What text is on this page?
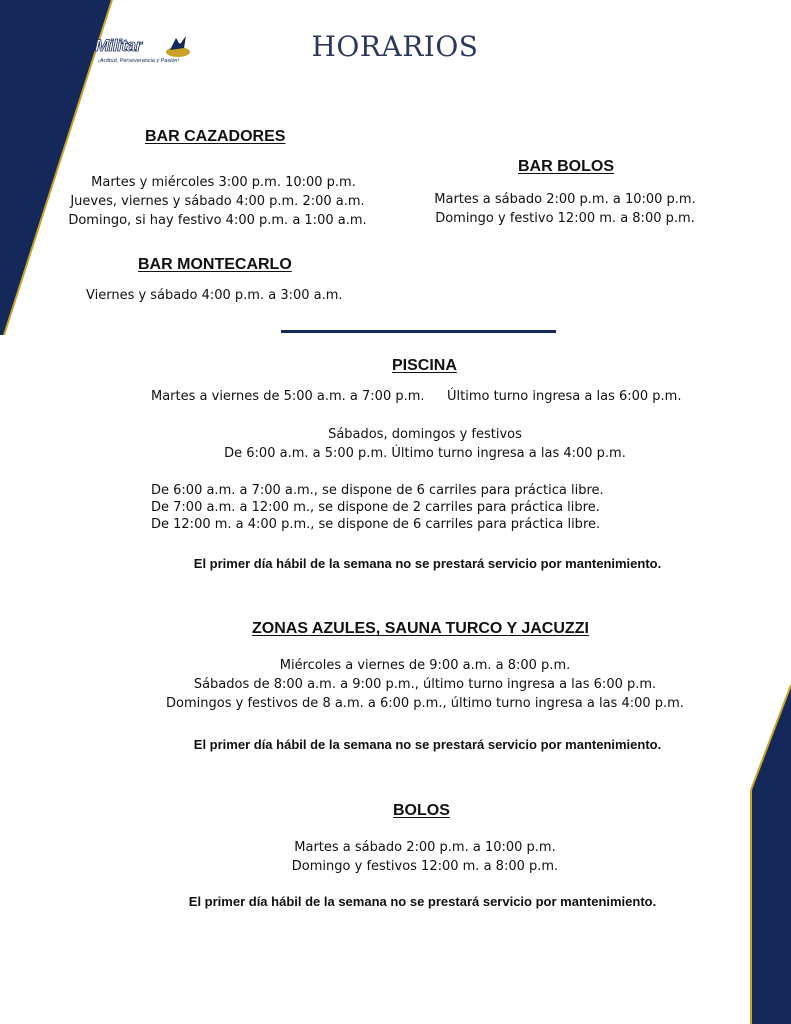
Club Militar
¡Actitud, Perseverancia y Pasión!	HORARIOS
BAR CAZADORES
Martes y miércoles 3:00 p.m. 10:00 p.m.
Jueves, viernes y sábado 4:00 p.m. 2:00 a.m.
Domingo, si hay festivo 4:00 p.m. a 1:00 a.m.
BAR BOLOS
Martes a sábado 2:00 p.m. a 10:00 p.m.
Domingo y festivo 12:00 m. a 8:00 p.m.
BAR MONTECARLO
Viernes y sábado 4:00 p.m. a 3:00 a.m.
PISCINA
Martes a viernes de 5:00 a.m. a 7:00 p.m. Último turno ingresa a las 6:00 p.m.
Sábados, domingos y festivos
De 6:00 a.m. a 5:00 p.m. Último turno ingresa a las 4:00 p.m.
De 6:00 a.m. a 7:00 a.m., se dispone de 6 carriles para práctica libre.
De 7:00 a.m. a 12:00 m., se dispone de 2 carriles para práctica libre.
De 12:00 m. a 4:00 p.m., se dispone de 6 carriles para práctica libre.
El primer día hábil de la semana no se prestará servicio por mantenimiento.
ZONAS AZULES, SAUNA TURCO Y JACUZZI
Miércoles a viernes de 9:00 a.m. a 8:00 p.m.
Sábados de 8:00 a.m. a 9:00 p.m., último turno ingresa a las 6:00 p.m.
Domingos y festivos de 8 a.m. a 6:00 p.m., último turno ingresa a las 4:00 p.m.
El primer día hábil de la semana no se prestará servicio por mantenimiento.
BOLOS
Martes a sábado 2:00 p.m. a 10:00 p.m.
Domingo y festivos 12:00 m. a 8:00 p.m.
El primer día hábil de la semana no se prestará servicio por mantenimiento.
